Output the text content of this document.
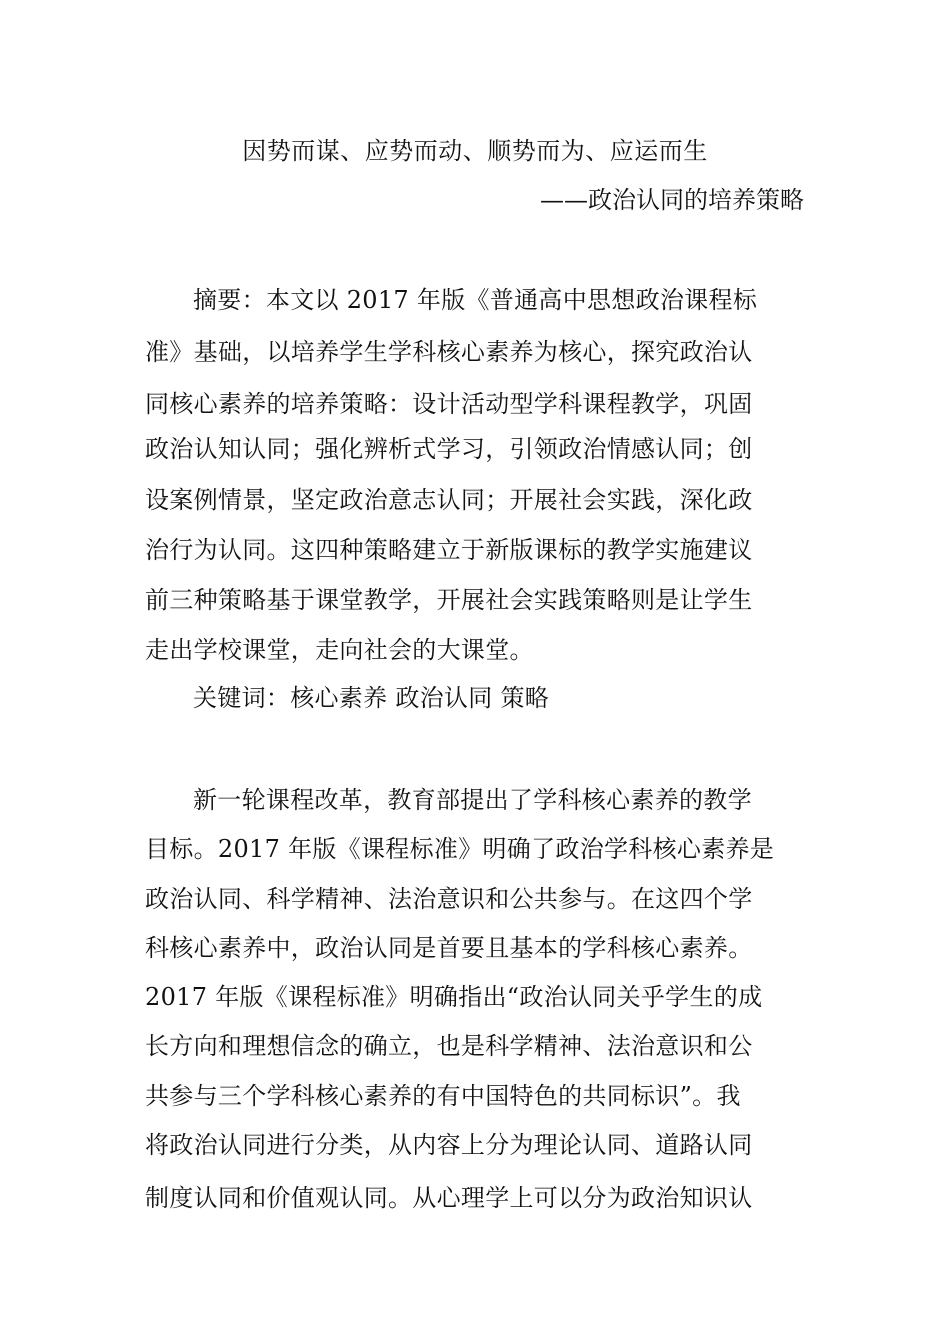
因势而谋、应势而动、顺势而为、应运而生
——政治认同的培养策略
摘要：本文以 2017 年版《普通高中思想政治课程标
准》基础，以培养学生学科核心素养为核心，探究政治认
同核心素养的培养策略：设计活动型学科课程教学，巩固
政治认知认同；强化辨析式学习，引领政治情感认同；创
设案例情景，坚定政治意志认同；开展社会实践，深化政
治行为认同。这四种策略建立于新版课标的教学实施建议
前三种策略基于课堂教学，开展社会实践策略则是让学生
走出学校课堂，走向社会的大课堂。
关键词：核心素养 政治认同 策略
新一轮课程改革，教育部提出了学科核心素养的教学
目标。2017 年版《课程标准》明确了政治学科核心素养是
政治认同、科学精神、法治意识和公共参与。在这四个学
科核心素养中，政治认同是首要且基本的学科核心素养。
2017 年版《课程标准》明确指出“政治认同关乎学生的成
长方向和理想信念的确立，也是科学精神、法治意识和公
共参与三个学科核心素养的有中国特色的共同标识”。我
将政治认同进行分类，从内容上分为理论认同、道路认同
制度认同和价值观认同。从心理学上可以分为政治知识认
